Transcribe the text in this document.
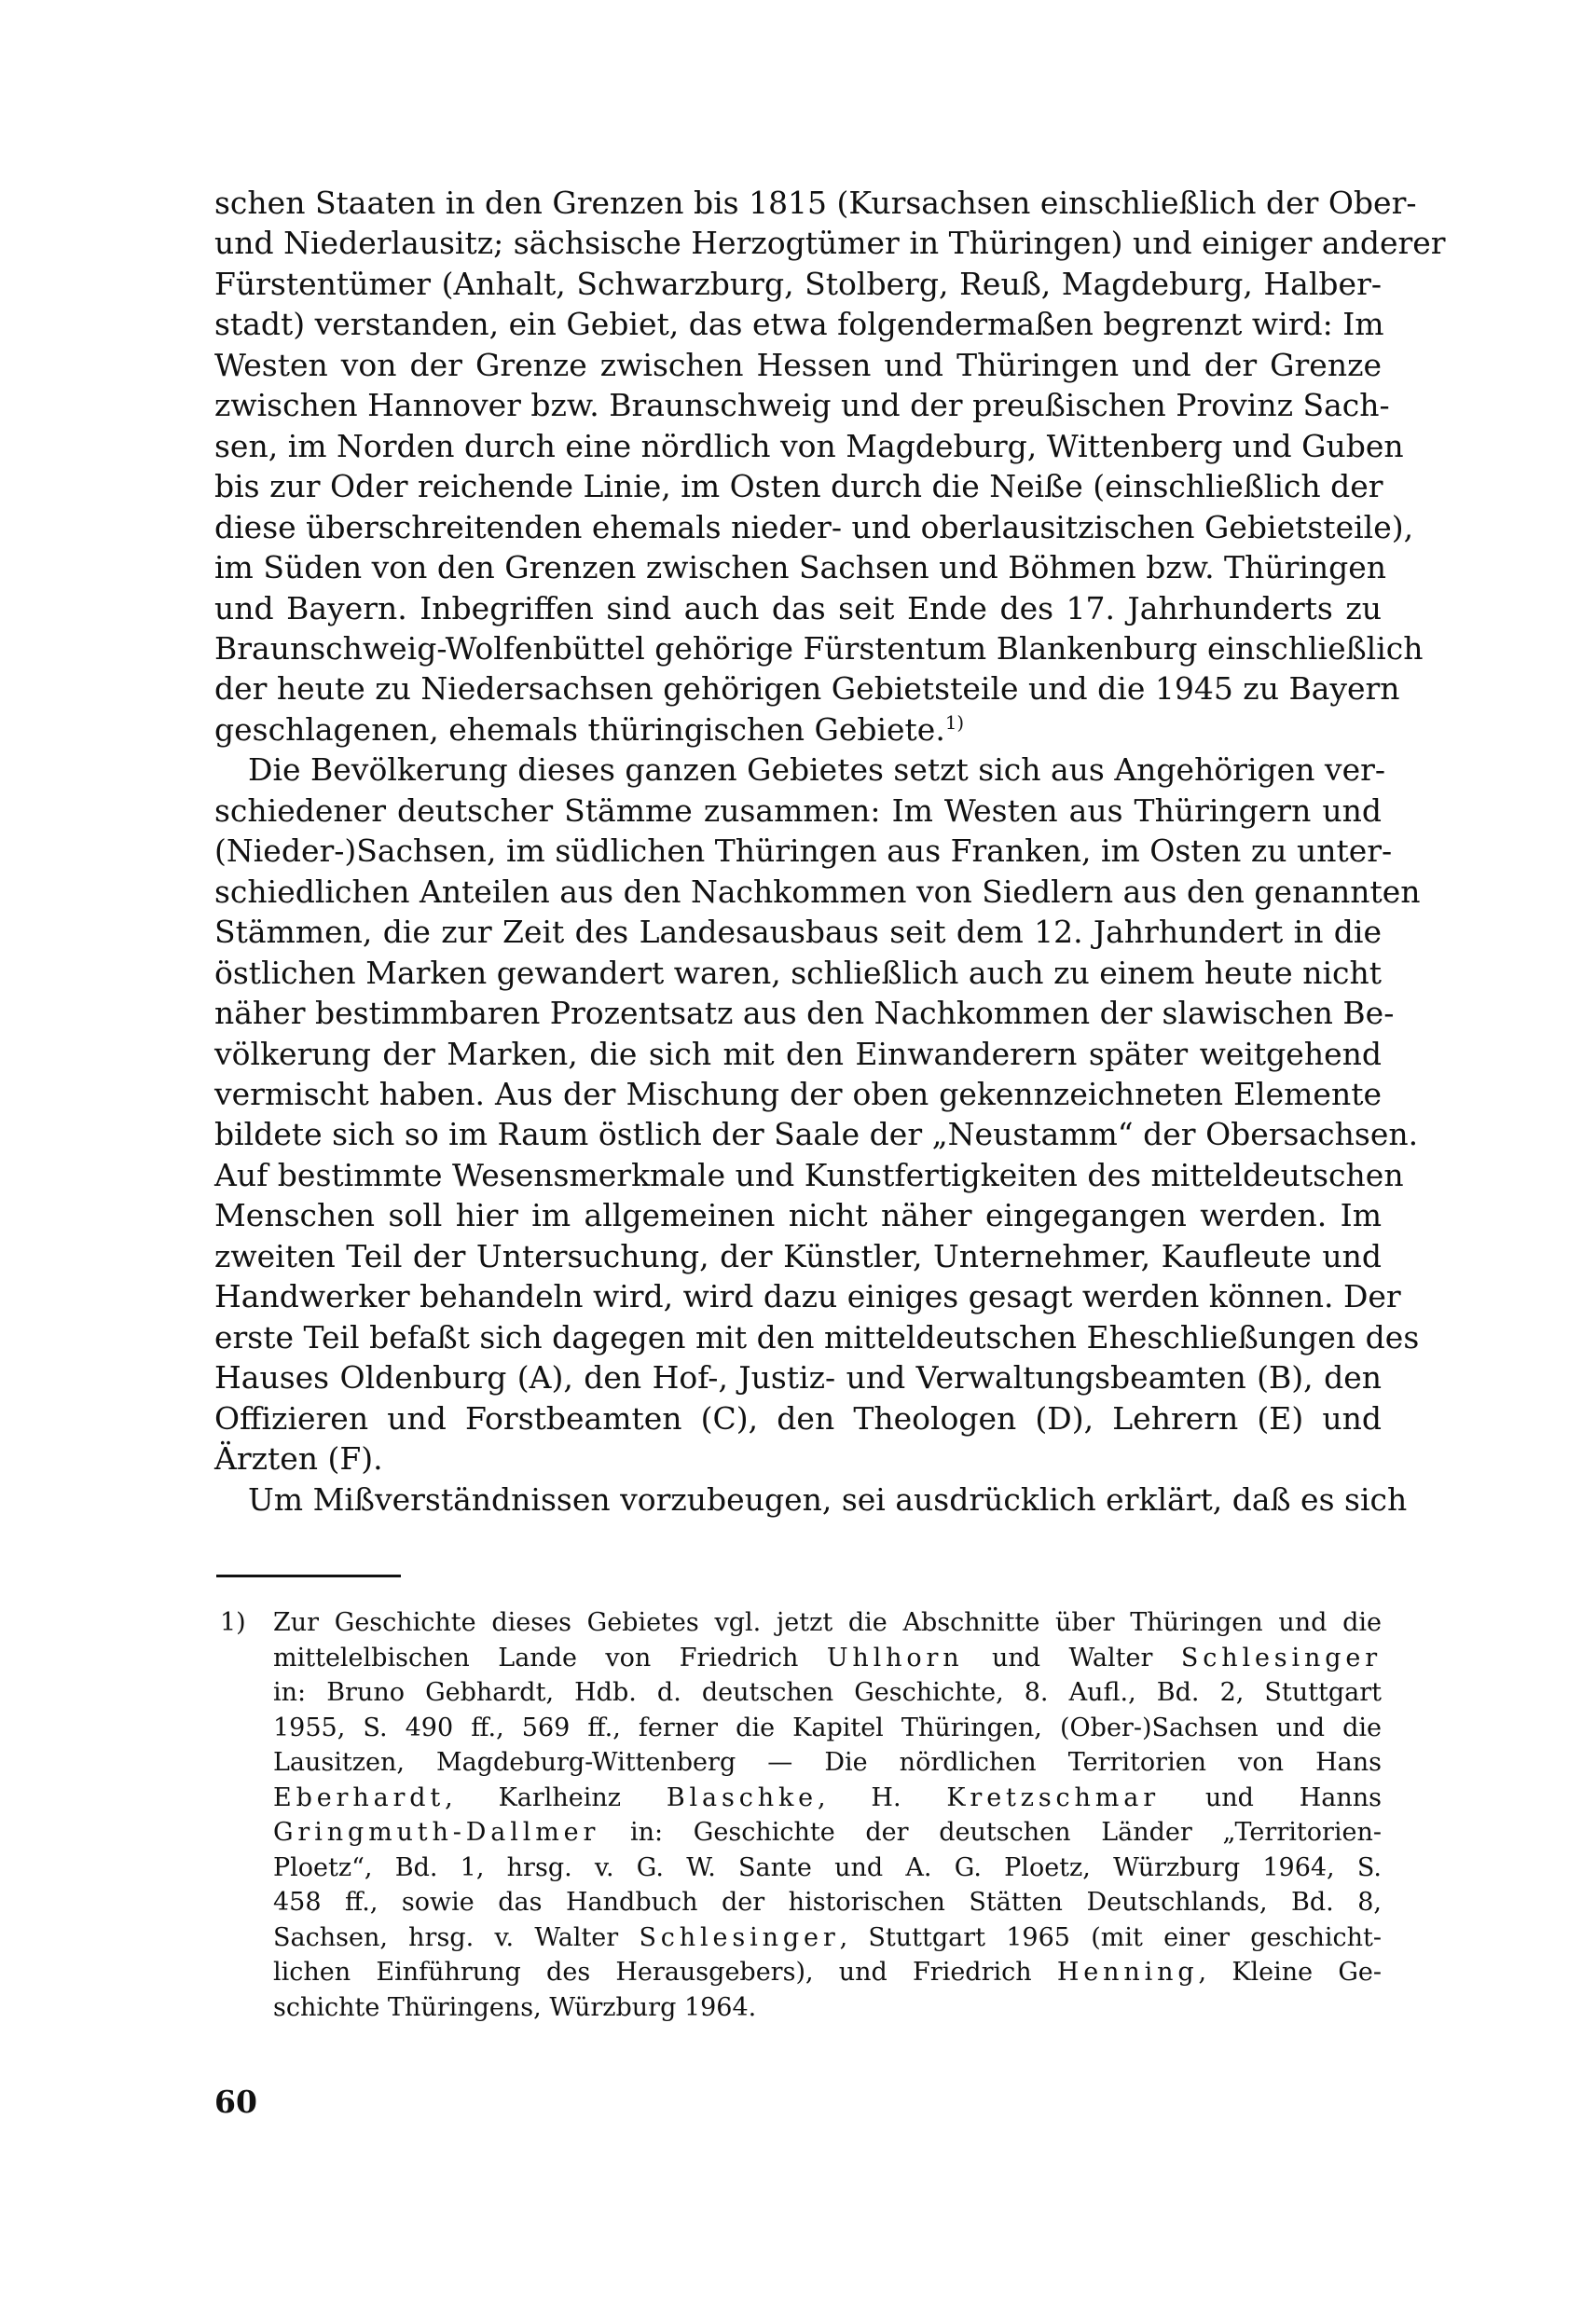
schen Staaten in den Grenzen bis 1815 (Kursachsen einschließlich der Ober-
und Niederlausitz; sächsische Herzogtümer in Thüringen) und einiger anderer
Fürstentümer (Anhalt, Schwarzburg, Stolberg, Reuß, Magdeburg, Halber-
stadt) verstanden, ein Gebiet, das etwa folgendermaßen begrenzt wird: Im
Westen von der Grenze zwischen Hessen und Thüringen und der Grenze
zwischen Hannover bzw. Braunschweig und der preußischen Provinz Sach-
sen, im Norden durch eine nördlich von Magdeburg, Wittenberg und Guben
bis zur Oder reichende Linie, im Osten durch die Neiße (einschließlich der
diese überschreitenden ehemals nieder- und oberlausitzischen Gebietsteile),
im Süden von den Grenzen zwischen Sachsen und Böhmen bzw. Thüringen
und Bayern. Inbegriffen sind auch das seit Ende des 17. Jahrhunderts zu
Braunschweig-Wolfenbüttel gehörige Fürstentum Blankenburg einschließlich
der heute zu Niedersachsen gehörigen Gebietsteile und die 1945 zu Bayern
geschlagenen, ehemals thüringischen Gebiete.$^{1)}$

Die Bevölkerung dieses ganzen Gebietes setzt sich aus Angehörigen ver-
schiedener deutscher Stämme zusammen: Im Westen aus Thüringern und
(Nieder-)Sachsen, im südlichen Thüringen aus Franken, im Osten zu unter-
schiedlichen Anteilen aus den Nachkommen von Siedlern aus den genannten
Stämmen, die zur Zeit des Landesausbaus seit dem 12. Jahrhundert in die
östlichen Marken gewandert waren, schließlich auch zu einem heute nicht
näher bestimmbaren Prozentsatz aus den Nachkommen der slawischen Be-
völkerung der Marken, die sich mit den Einwanderern später weitgehend
vermischt haben. Aus der Mischung der oben gekennzeichneten Elemente
bildete sich so im Raum östlich der Saale der „Neustamm“ der Obersachsen.
Auf bestimmte Wesensmerkmale und Kunstfertigkeiten des mitteldeutschen
Menschen soll hier im allgemeinen nicht näher eingegangen werden. Im
zweiten Teil der Untersuchung, der Künstler, Unternehmer, Kaufleute und
Handwerker behandeln wird, wird dazu einiges gesagt werden können. Der
erste Teil befaßt sich dagegen mit den mitteldeutschen Eheschließungen des
Hauses Oldenburg (A), den Hof-, Justiz- und Verwaltungsbeamten (B), den
Offizieren und Forstbeamten (C), den Theologen (D), Lehrern (E) und
Ärzten (F).

Um Mißverständnissen vorzubeugen, sei ausdrücklich erklärt, daß es sich

1) Zur Geschichte dieses Gebietes vgl. jetzt die Abschnitte über Thüringen und die
mittelelbischen Lande von Friedrich Uhlhorn und Walter Schlesinger
in: Bruno Gebhardt, Hdb. d. deutschen Geschichte, 8. Aufl., Bd. 2, Stuttgart
1955, S. 490 ff., 569 ff., ferner die Kapitel Thüringen, (Ober-)Sachsen und die
Lausitzen, Magdeburg-Wittenberg — Die nördlichen Territorien von Hans
Eberhardt, Karlheinz Blaschke, H. Kretzschmar und Hanns
Gringmuth-Dallmer in: Geschichte der deutschen Länder „Territorien-
Ploetz“, Bd. 1, hrsg. v. G. W. Sante und A. G. Ploetz, Würzburg 1964, S.
458 ff., sowie das Handbuch der historischen Stätten Deutschlands, Bd. 8,
Sachsen, hrsg. v. Walter Schlesinger, Stuttgart 1965 (mit einer geschicht-
lichen Einführung des Herausgebers), und Friedrich Henning, Kleine Ge-
schichte Thüringens, Würzburg 1964.
60
